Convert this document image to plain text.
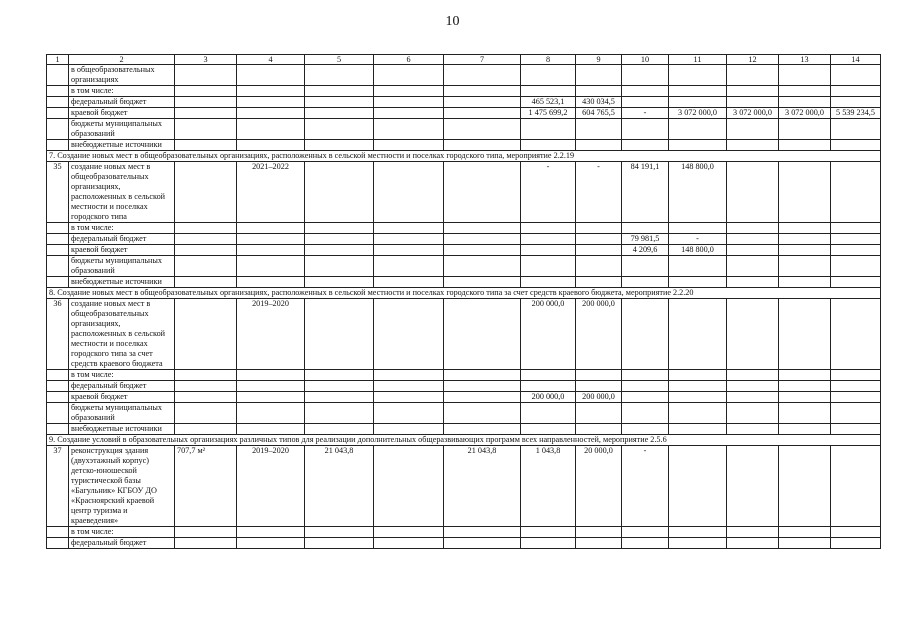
10
1	2	3	4	5	6	7	8	9	10	11	12	13	14
	в общеобразовательных организациях												
	в том числе:												
	федеральный бюджет						465 523,1	430 034,5					
	краевой бюджет						1 475 699,2	604 765,5	-	3 072 000,0	3 072 000,0	3 072 000,0	5 539 234,5
	бюджеты муниципальных образований												
	внебюджетные источники												
7. Создание новых мест в общеобразовательных организациях, расположенных в сельской местности и поселках городского типа, мероприятие 2.2.19													
35	создание новых мест в общеобразовательных организациях, расположенных в сельской местности и поселках городского типа		2021–2022				-	-	84 191,1	148 800,0			
	в том числе:												
	федеральный бюджет								79 981,5	-			
	краевой бюджет								4 209,6	148 800,0			
	бюджеты муниципальных образований												
	внебюджетные источники												
8. Создание новых мест в общеобразовательных организациях, расположенных в сельской местности и поселках городского типа за счет средств краевого бюджета, мероприятие 2.2.20													
36	создание новых мест в общеобразовательных организациях, расположенных в сельской местности и поселках городского типа за счет средств краевого бюджета		2019–2020				200 000,0	200 000,0					
	в том числе:												
	федеральный бюджет												
	краевой бюджет						200 000,0	200 000,0					
	бюджеты муниципальных образований												
	внебюджетные источники												
9. Создание условий в образовательных организациях различных типов для реализации дополнительных общеразвивающих программ всех направленностей, мероприятие 2.5.6													
37	реконструкция здания (двухэтажный корпус) детско-юношеской туристической базы «Багульник» КГБОУ ДО «Красноярский краевой центр туризма и краеведения»	707,7 м²	2019–2020	21 043,8		21 043,8	1 043,8	20 000,0	-				
	в том числе:												
	федеральный бюджет												
